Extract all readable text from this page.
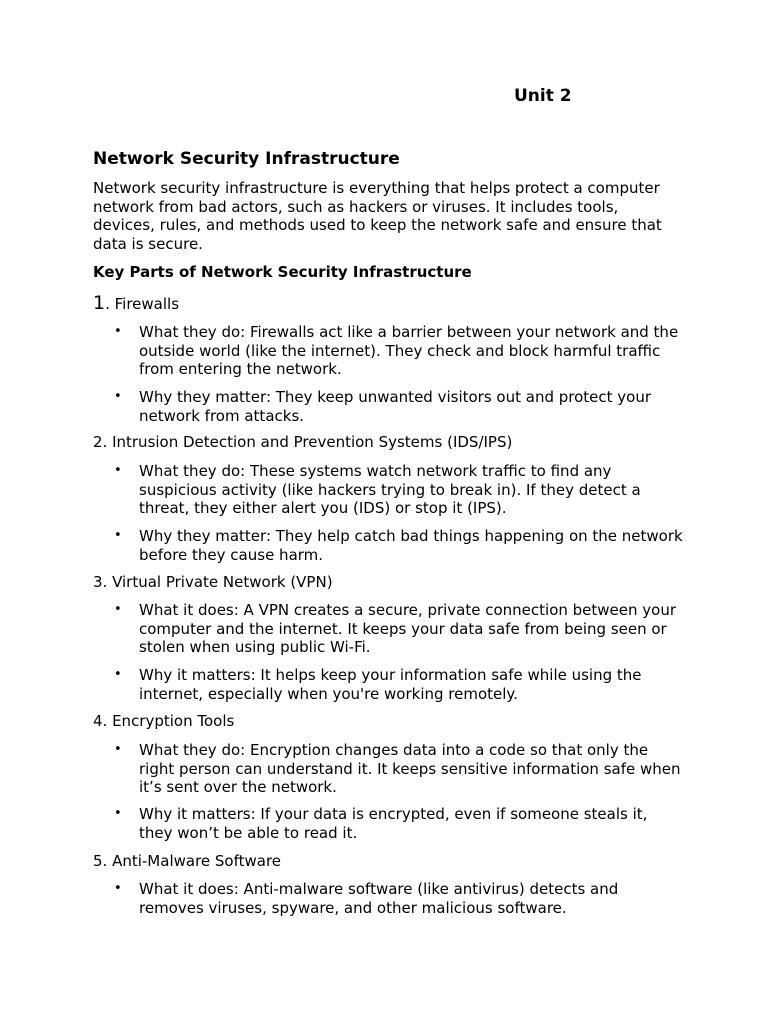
Unit 2
Network Security Infrastructure
Network security infrastructure is everything that helps protect a computer network from bad actors, such as hackers or viruses. It includes tools, devices, rules, and methods used to keep the network safe and ensure that data is secure.
Key Parts of Network Security Infrastructure
1. Firewalls
• What they do: Firewalls act like a barrier between your network and the outside world (like the internet). They check and block harmful traffic from entering the network.
• Why they matter: They keep unwanted visitors out and protect your network from attacks.
2. Intrusion Detection and Prevention Systems (IDS/IPS)
• What they do: These systems watch network traffic to find any suspicious activity (like hackers trying to break in). If they detect a threat, they either alert you (IDS) or stop it (IPS).
• Why they matter: They help catch bad things happening on the network before they cause harm.
3. Virtual Private Network (VPN)
• What it does: A VPN creates a secure, private connection between your computer and the internet. It keeps your data safe from being seen or stolen when using public Wi-Fi.
• Why it matters: It helps keep your information safe while using the internet, especially when you're working remotely.
4. Encryption Tools
• What they do: Encryption changes data into a code so that only the right person can understand it. It keeps sensitive information safe when it’s sent over the network.
• Why it matters: If your data is encrypted, even if someone steals it, they won’t be able to read it.
5. Anti-Malware Software
• What it does: Anti-malware software (like antivirus) detects and removes viruses, spyware, and other malicious software.
